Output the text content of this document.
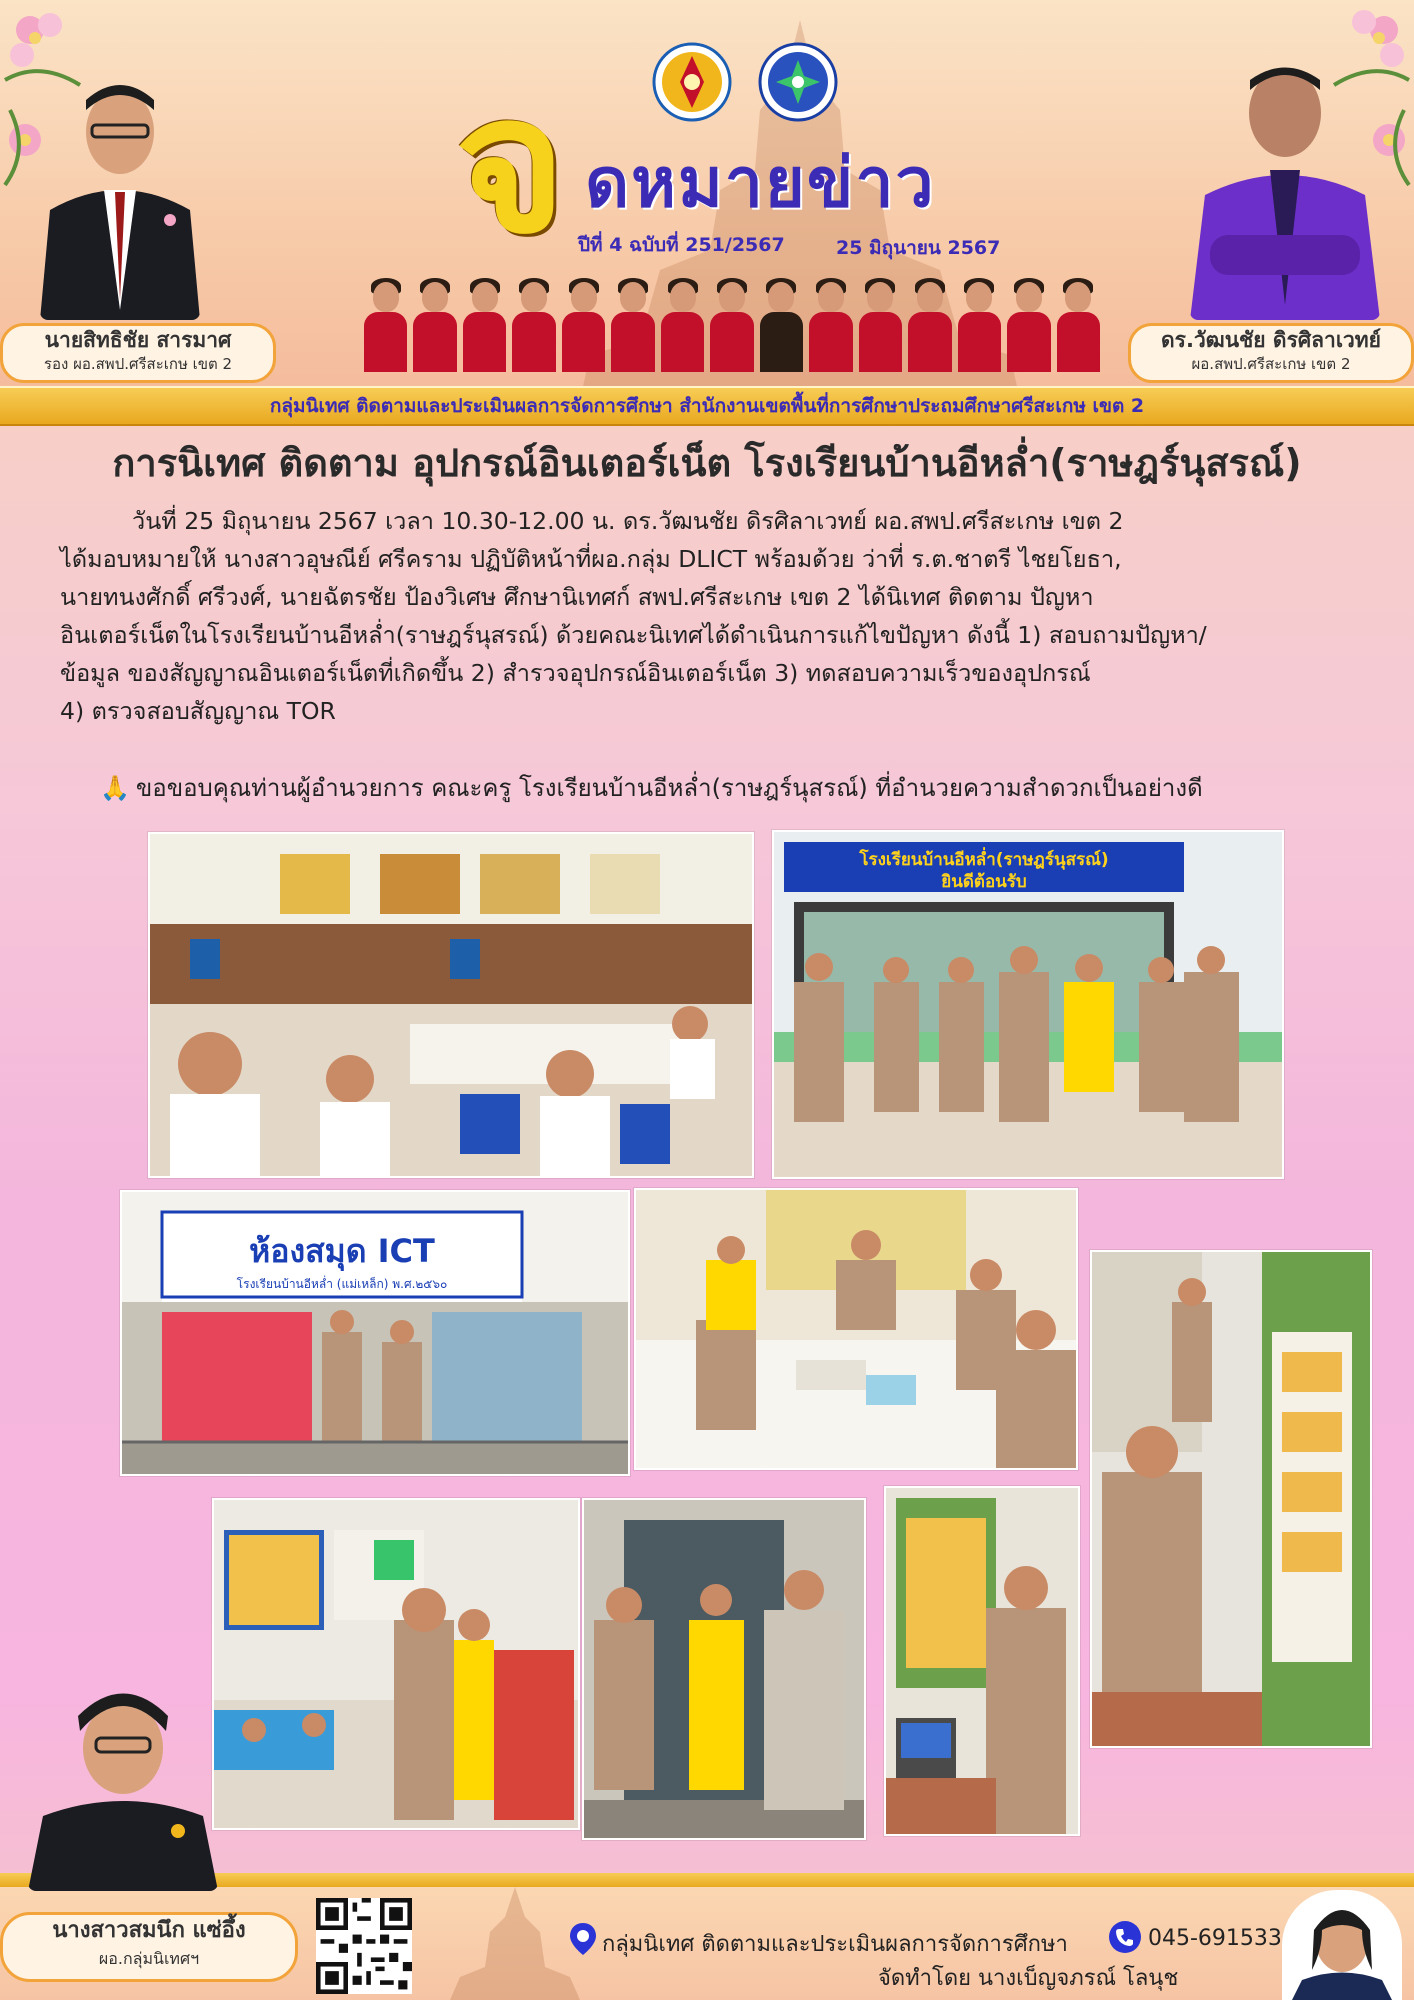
นายสิทธิชัย สารมาศ
รอง ผอ.สพป.ศรีสะเกษ เขต 2
ดร.วัฒนชัย ดิรศิลาเวทย์
ผอ.สพป.ศรีสะเกษ เขต 2
จ ดหมายข่าว
ปีที่ 4 ฉบับที่ 251/2567	25 มิถุนายน 2567
กลุ่มนิเทศ ติดตามและประเมินผลการจัดการศึกษา สำนักงานเขตพื้นที่การศึกษาประถมศึกษาศรีสะเกษ เขต 2
การนิเทศ ติดตาม อุปกรณ์อินเตอร์เน็ต โรงเรียนบ้านอีหล่ำ(ราษฎร์นุสรณ์)
วันที่ 25 มิถุนายน 2567 เวลา 10.30-12.00 น. ดร.วัฒนชัย ดิรศิลาเวทย์ ผอ.สพป.ศรีสะเกษ เขต 2
ได้มอบหมายให้ นางสาวอุษณีย์ ศรีคราม ปฏิบัติหน้าที่ผอ.กลุ่ม DLICT พร้อมด้วย ว่าที่ ร.ต.ชาตรี ไชยโยธา,
นายทนงศักดิ์ ศรีวงศ์, นายฉัตรชัย ป้องวิเศษ ศึกษานิเทศก์ สพป.ศรีสะเกษ เขต 2 ได้นิเทศ ติดตาม ปัญหา
อินเตอร์เน็ตในโรงเรียนบ้านอีหล่ำ(ราษฎร์นุสรณ์) ด้วยคณะนิเทศได้ดำเนินการแก้ไขปัญหา ดังนี้ 1) สอบถามปัญหา/
ข้อมูล ของสัญญาณอินเตอร์เน็ตที่เกิดขึ้น 2) สำรวจอุปกรณ์อินเตอร์เน็ต 3) ทดสอบความเร็วของอุปกรณ์
4) ตรวจสอบสัญญาณ TOR
🙏 ขอขอบคุณท่านผู้อำนวยการ คณะครู โรงเรียนบ้านอีหล่ำ(ราษฎร์นุสรณ์) ที่อำนวยความสำดวกเป็นอย่างดี
โรงเรียนบ้านอีหล่ำ(ราษฎร์นุสรณ์)
ยินดีต้อนรับ
ห้องสมุด ICT
โรงเรียนบ้านอีหล่ำ (แม่เหล็ก) พ.ศ.๒๕๖๐
นางสาวสมนึก แซ่อึ้ง
ผอ.กลุ่มนิเทศฯ
กลุ่มนิเทศ ติดตามและประเมินผลการจัดการศึกษา	045-691533
จัดทำโดย นางเบ็ญจภรณ์ โลนุช
